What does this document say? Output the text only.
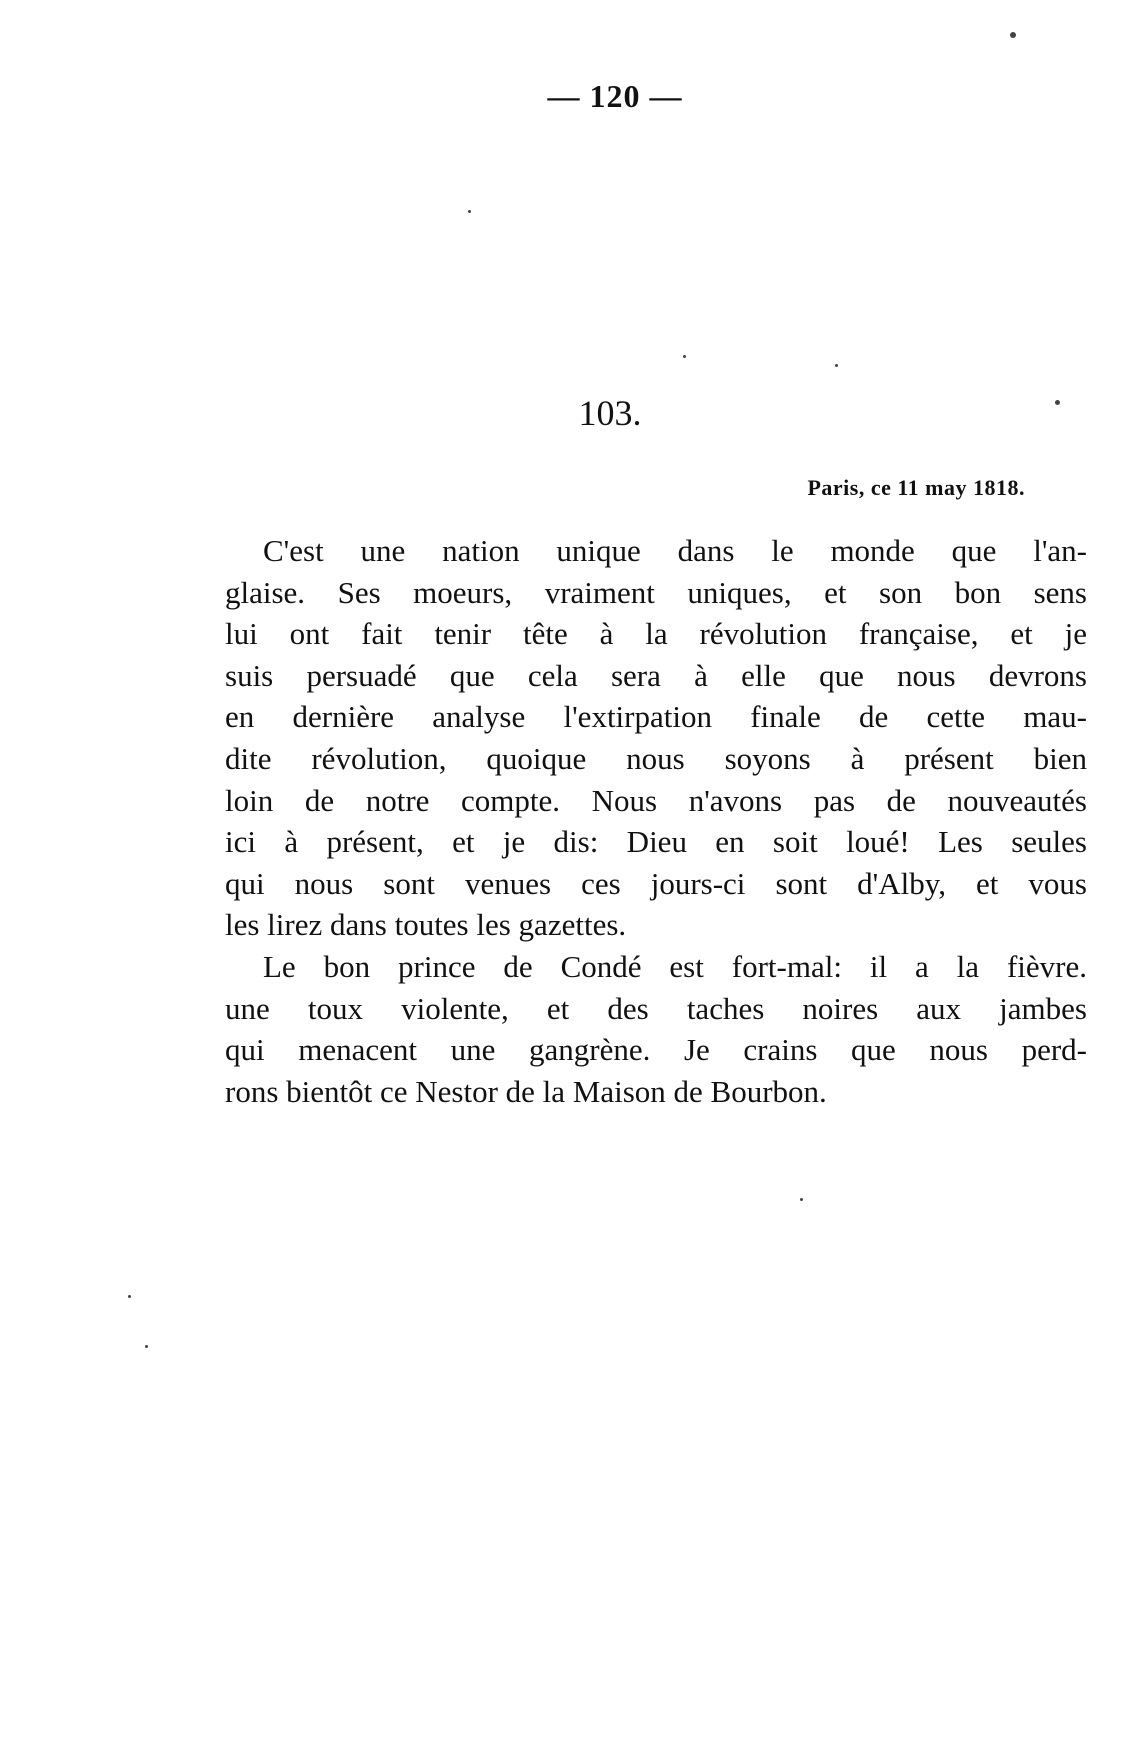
— 120 —
103.
Paris, ce 11 may 1818.
C'est une nation unique dans le monde que l'an-
glaise. Ses moeurs, vraiment uniques, et son bon sens
lui ont fait tenir tête à la révolution française, et je
suis persuadé que cela sera à elle que nous devrons
en dernière analyse l'extirpation finale de cette mau-
dite révolution, quoique nous soyons à présent bien
loin de notre compte. Nous n'avons pas de nouveautés
ici à présent, et je dis: Dieu en soit loué! Les seules
qui nous sont venues ces jours-ci sont d'Alby, et vous
les lirez dans toutes les gazettes.
Le bon prince de Condé est fort-mal: il a la fièvre.
une toux violente, et des taches noires aux jambes
qui menacent une gangrène. Je crains que nous perd-
rons bientôt ce Nestor de la Maison de Bourbon.
